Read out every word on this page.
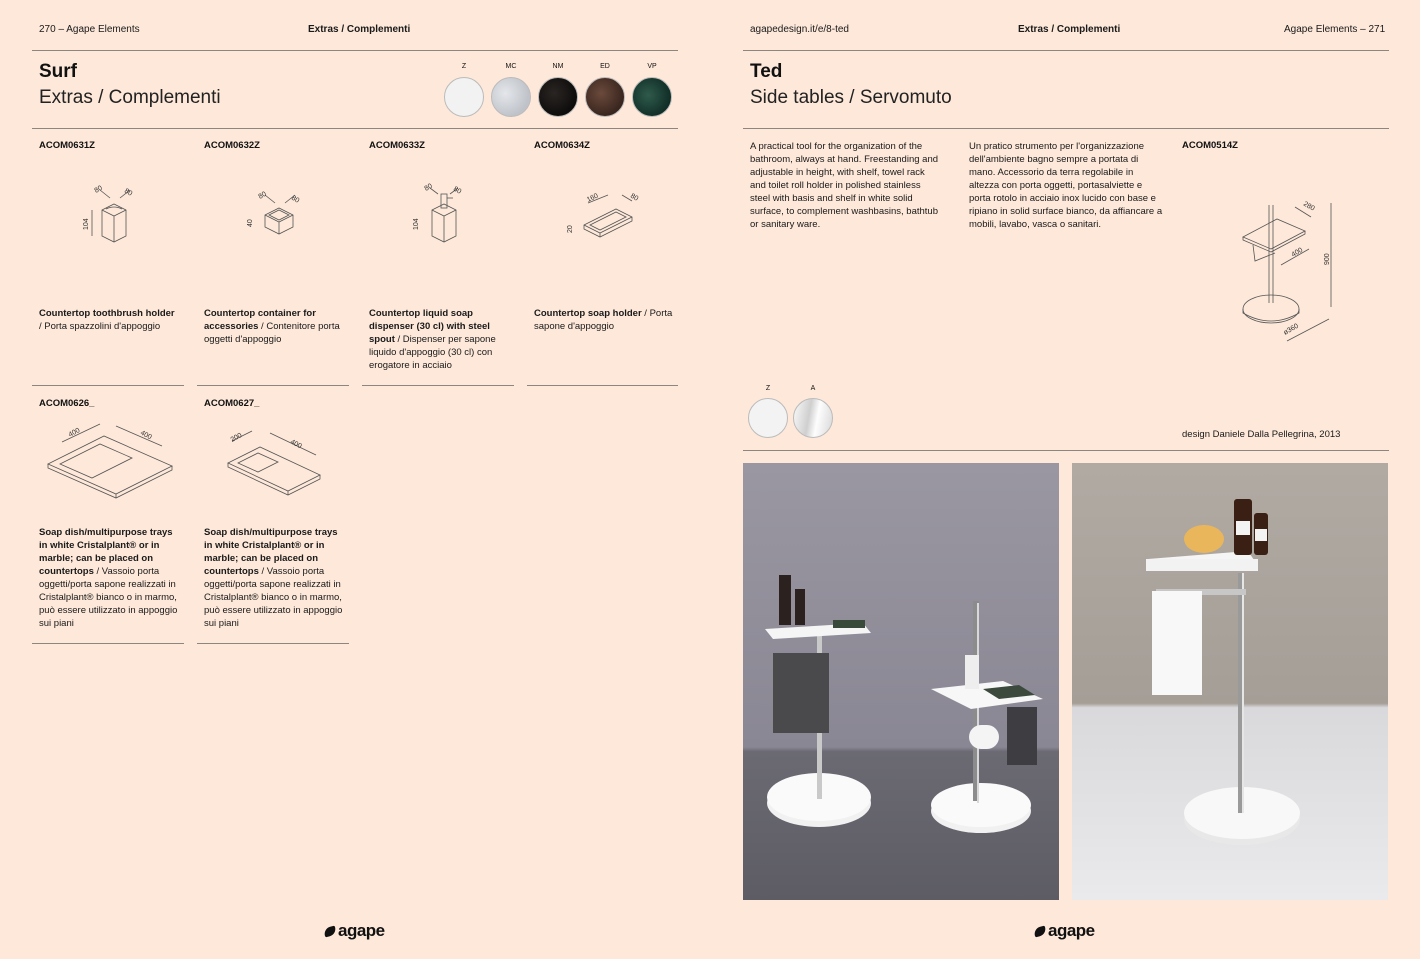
270 – Agape Elements	Extras / Complementi
Surf
Extras / Complementi
Z	MC	NM	ED	VP
ACOM0631Z
80	80
104
Countertop toothbrush holder / Porta spazzolini d'appoggio
ACOM0632Z
80	80
40
Countertop container for accessories / Contenitore porta oggetti d'appoggio
ACOM0633Z
80	80
104
Countertop liquid soap dispenser (30 cl) with steel spout / Dispenser per sapone liquido d'appoggio (30 cl) con erogatore in acciaio
ACOM0634Z
160	80
20
Countertop soap holder / Porta sapone d'appoggio
ACOM0626_
400	400
Soap dish/multipurpose trays in white Cristalplant® or in marble; can be placed on countertops / Vassoio porta oggetti/porta sapone realizzati in Cristalplant® bianco o in marmo, può essere utilizzato in appoggio sui piani
ACOM0627_
200
400
Soap dish/multipurpose trays in white Cristalplant® or in marble; can be placed on countertops / Vassoio porta oggetti/porta sapone realizzati in Cristalplant® bianco o in marmo, può essere utilizzato in appoggio sui piani
agape
agapedesign.it/e/8-ted	Extras / Complementi	Agape Elements – 271
Ted
Side tables / Servomuto
A practical tool for the organization of the bathroom, always at hand. Freestanding and adjustable in height, with shelf, towel rack and toilet roll holder in polished stainless steel with basis and shelf in white solid surface, to complement washbasins, bathtub or sanitary ware.
Un pratico strumento per l'organizzazione dell'ambiente bagno sempre a portata di mano. Accessorio da terra regolabile in altezza con porta oggetti, portasalviette e porta rotolo in acciaio inox lucido con base e ripiano in solid surface bianco, da affiancare a mobili, lavabo, vasca o sanitari.
ACOM0514Z
280
400
900
ø360
Z	A
design Daniele Dalla Pellegrina, 2013
agape
